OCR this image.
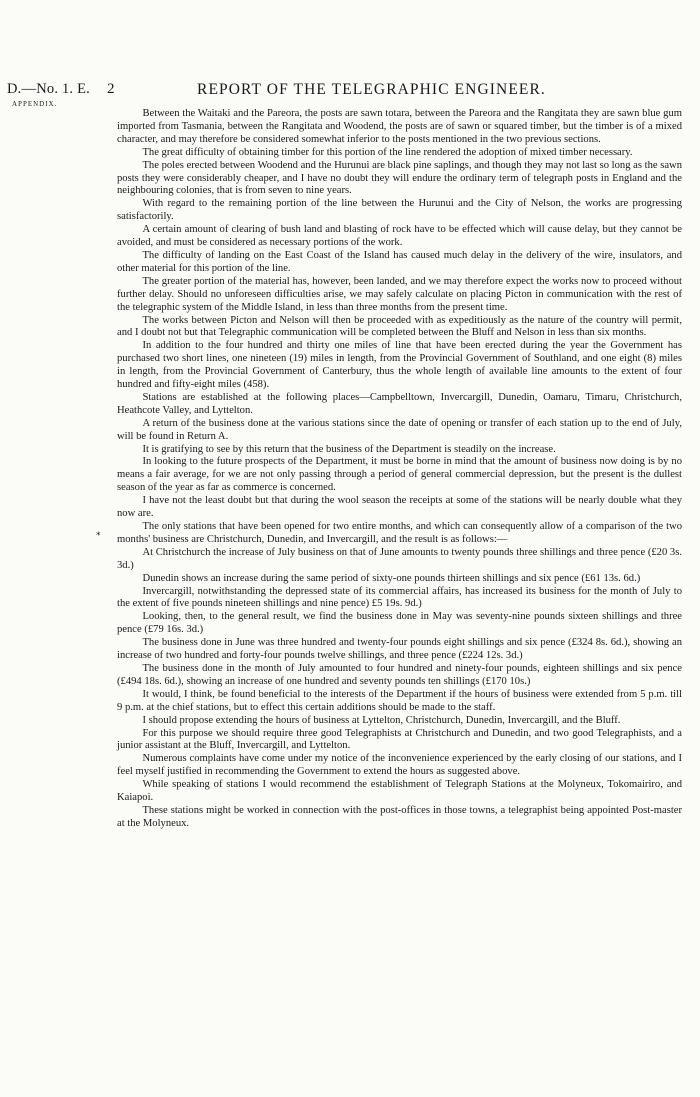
D.—No. 1. E. 2	REPORT OF THE TELEGRAPHIC ENGINEER.
APPENDIX.
*

Between the Waitaki and the Pareora, the posts are sawn totara, between the Pareora and the Rangitata they are sawn blue gum imported from Tasmania, between the Rangitata and Woodend, the posts are of sawn or squared timber, but the timber is of a mixed character, and may therefore be considered somewhat inferior to the posts mentioned in the two previous sections.

The great difficulty of obtaining timber for this portion of the line rendered the adoption of mixed timber necessary.

The poles erected between Woodend and the Hurunui are black pine saplings, and though they may not last so long as the sawn posts they were considerably cheaper, and I have no doubt they will endure the ordinary term of telegraph posts in England and the neighbouring colonies, that is from seven to nine years.

With regard to the remaining portion of the line between the Hurunui and the City of Nelson, the works are progressing satisfactorily.

A certain amount of clearing of bush land and blasting of rock have to be effected which will cause delay, but they cannot be avoided, and must be considered as necessary portions of the work.

The difficulty of landing on the East Coast of the Island has caused much delay in the delivery of the wire, insulators, and other material for this portion of the line.

The greater portion of the material has, however, been landed, and we may therefore expect the works now to proceed without further delay. Should no unforeseen difficulties arise, we may safely calculate on placing Picton in communication with the rest of the telegraphic system of the Middle Island, in less than three months from the present time.

The works between Picton and Nelson will then be proceeded with as expeditiously as the nature of the country will permit, and I doubt not but that Telegraphic communication will be completed between the Bluff and Nelson in less than six months.

In addition to the four hundred and thirty one miles of line that have been erected during the year the Government has purchased two short lines, one nineteen (19) miles in length, from the Provincial Government of Southland, and one eight (8) miles in length, from the Provincial Government of Canterbury, thus the whole length of available line amounts to the extent of four hundred and fifty-eight miles (458).

Stations are established at the following places—Campbelltown, Invercargill, Dunedin, Oamaru, Timaru, Christchurch, Heathcote Valley, and Lyttelton.

A return of the business done at the various stations since the date of opening or transfer of each station up to the end of July, will be found in Return A.

It is gratifying to see by this return that the business of the Department is steadily on the increase.

In looking to the future prospects of the Department, it must be borne in mind that the amount of business now doing is by no means a fair average, for we are not only passing through a period of general commercial depression, but the present is the dullest season of the year as far as commerce is concerned.

I have not the least doubt but that during the wool season the receipts at some of the stations will be nearly double what they now are.

The only stations that have been opened for two entire months, and which can consequently allow of a comparison of the two months' business are Christchurch, Dunedin, and Invercargill, and the result is as follows:—

At Christchurch the increase of July business on that of June amounts to twenty pounds three shillings and three pence (£20 3s. 3d.)

Dunedin shows an increase during the same period of sixty-one pounds thirteen shillings and six pence (£61 13s. 6d.)

Invercargill, notwithstanding the depressed state of its commercial affairs, has increased its business for the month of July to the extent of five pounds nineteen shillings and nine pence) £5 19s. 9d.)

Looking, then, to the general result, we find the business done in May was seventy-nine pounds sixteen shillings and three pence (£79 16s. 3d.)

The business done in June was three hundred and twenty-four pounds eight shillings and six pence (£324 8s. 6d.), showing an increase of two hundred and forty-four pounds twelve shillings, and three pence (£224 12s. 3d.)

The business done in the month of July amounted to four hundred and ninety-four pounds, eighteen shillings and six pence (£494 18s. 6d.), showing an increase of one hundred and seventy pounds ten shillings (£170 10s.)

It would, I think, be found beneficial to the interests of the Department if the hours of business were extended from 5 p.m. till 9 p.m. at the chief stations, but to effect this certain additions should be made to the staff.

I should propose extending the hours of business at Lyttelton, Christchurch, Dunedin, Invercargill, and the Bluff.

For this purpose we should require three good Telegraphists at Christchurch and Dunedin, and two good Telegraphists, and a junior assistant at the Bluff, Invercargill, and Lyttelton.

Numerous complaints have come under my notice of the inconvenience experienced by the early closing of our stations, and I feel myself justified in recommending the Government to extend the hours as suggested above.

While speaking of stations I would recommend the establishment of Telegraph Stations at the Molyneux, Tokomairiro, and Kaiapoi.

These stations might be worked in connection with the post-offices in those towns, a telegraphist being appointed Post-master at the Molyneux.
